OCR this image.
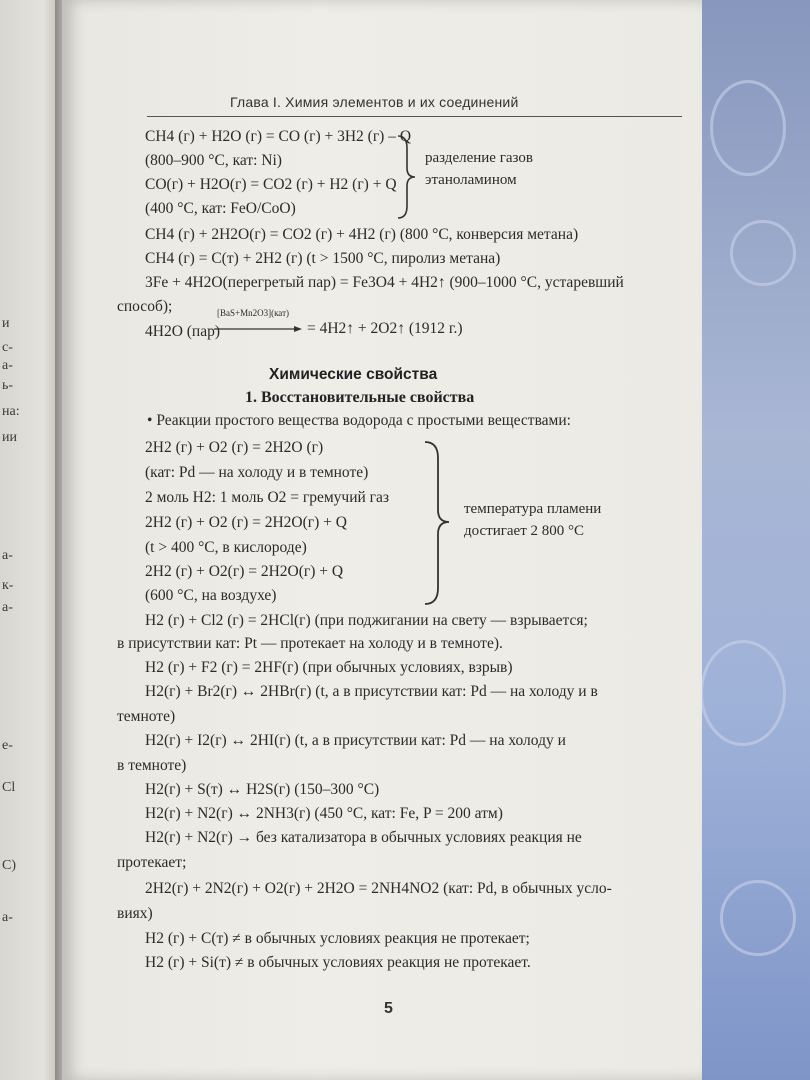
и
с-
а-
ь-
на:
ии
а-
к-
а-
е-
Cl
C)
а-
Глава I. Химия элементов и их соединений
CH4 (г) + H2O (г) = CO (г) + 3H2 (г) – Q
(800–900 °C, кат: Ni)
CO(г) + H2O(г) = CO2 (г) + H2 (г) + Q
(400 °C, кат: FeO/CoO)
разделение газов
этаноламином
CH4 (г) + 2H2O(г) = CO2 (г) + 4H2 (г) (800 °C, конверсия метана)
CH4 (г) = C(т) + 2H2 (г) (t > 1500 °C, пиролиз метана)
3Fe + 4H2O(перегретый пар) = Fe3O4 + 4H2↑ (900–1000 °C, устаревший
способ);
4H2O (пар)
[BaS+Mn2O3](кат)
= 4H2↑ + 2O2↑ (1912 г.)
Химические свойства
1. Восстановительные свойства
• Реакции простого вещества водорода с простыми веществами:
2H2 (г) + O2 (г) = 2H2O (г)
(кат: Pd — на холоду и в темноте)
2 моль H2: 1 моль O2 = гремучий газ
2H2 (г) + O2 (г) = 2H2O(г) + Q
(t > 400 °C, в кислороде)
2H2 (г) + O2(г) = 2H2O(г) + Q
(600 °C, на воздухе)
температура пламени
достигает 2 800 °C
H2 (г) + Cl2 (г) = 2HCl(г) (при поджигании на свету — взрывается;
в присутствии кат: Pt — протекает на холоду и в темноте).
H2 (г) + F2 (г) = 2HF(г) (при обычных условиях, взрыв)
H2(г) + Br2(г) ↔ 2HBr(г) (t, а в присутствии кат: Pd — на холоду и в
темноте)
H2(г) + I2(г) ↔ 2HI(г) (t, а в присутствии кат: Pd — на холоду и
в темноте)
H2(г) + S(т) ↔ H2S(г) (150–300 °C)
H2(г) + N2(г) ↔ 2NH3(г) (450 °C, кат: Fe, P = 200 атм)
H2(г) + N2(г) → без катализатора в обычных условиях реакция не
протекает;
2H2(г) + 2N2(г) + O2(г) + 2H2O = 2NH4NO2 (кат: Pd, в обычных усло-
виях)
H2 (г) + C(т) ≠ в обычных условиях реакция не протекает;
H2 (г) + Si(т) ≠ в обычных условиях реакция не протекает.
5
